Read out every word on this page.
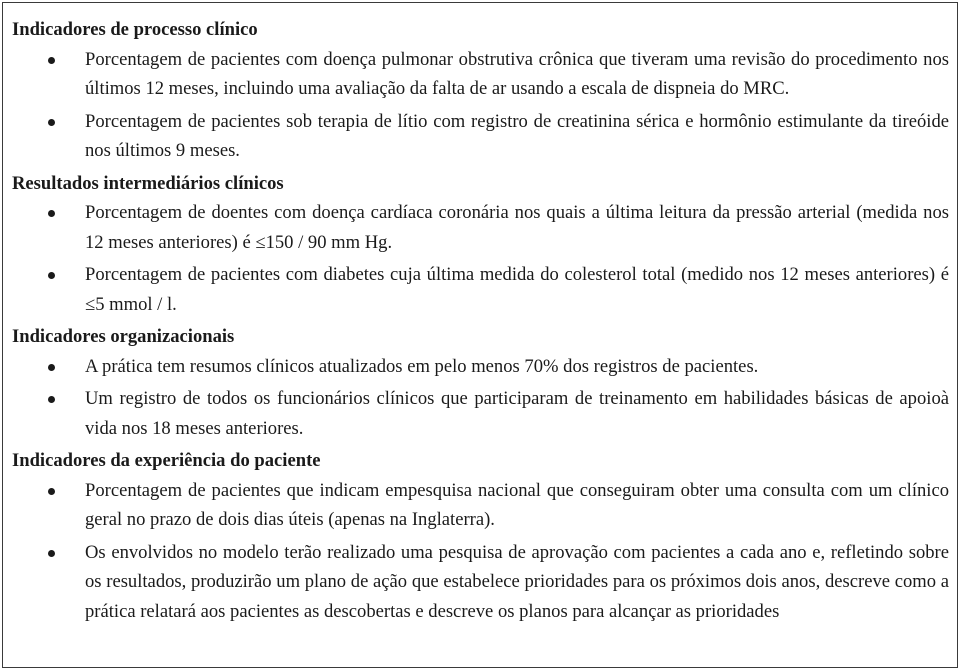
Indicadores de processo clínico

Porcentagem de pacientes com doença pulmonar obstrutiva crônica que tiveram uma revisão do procedimento nos últimos 12 meses, incluindo uma avaliação da falta de ar usando a escala de dispneia do MRC.
Porcentagem de pacientes sob terapia de lítio com registro de creatinina sérica e hormônio estimulante da tireóide nos últimos 9 meses.

Resultados intermediários clínicos

Porcentagem de doentes com doença cardíaca coronária nos quais a última leitura da pressão arterial (medida nos 12 meses anteriores) é ≤150 / 90 mm Hg.
Porcentagem de pacientes com diabetes cuja última medida do colesterol total (medido nos 12 meses anteriores) é ≤5 mmol / l.

Indicadores organizacionais

A prática tem resumos clínicos atualizados em pelo menos 70% dos registros de pacientes.
Um registro de todos os funcionários clínicos que participaram de treinamento em habilidades básicas de apoioà vida nos 18 meses anteriores.

Indicadores da experiência do paciente

Porcentagem de pacientes que indicam empesquisa nacional que conseguiram obter uma consulta com um clínico geral no prazo de dois dias úteis (apenas na Inglaterra).
Os envolvidos no modelo terão realizado uma pesquisa de aprovação com pacientes a cada ano e, refletindo sobre os resultados, produzirão um plano de ação que estabelece prioridades para os próximos dois anos, descreve como a prática relatará aos pacientes as descobertas e descreve os planos para alcançar as prioridades
